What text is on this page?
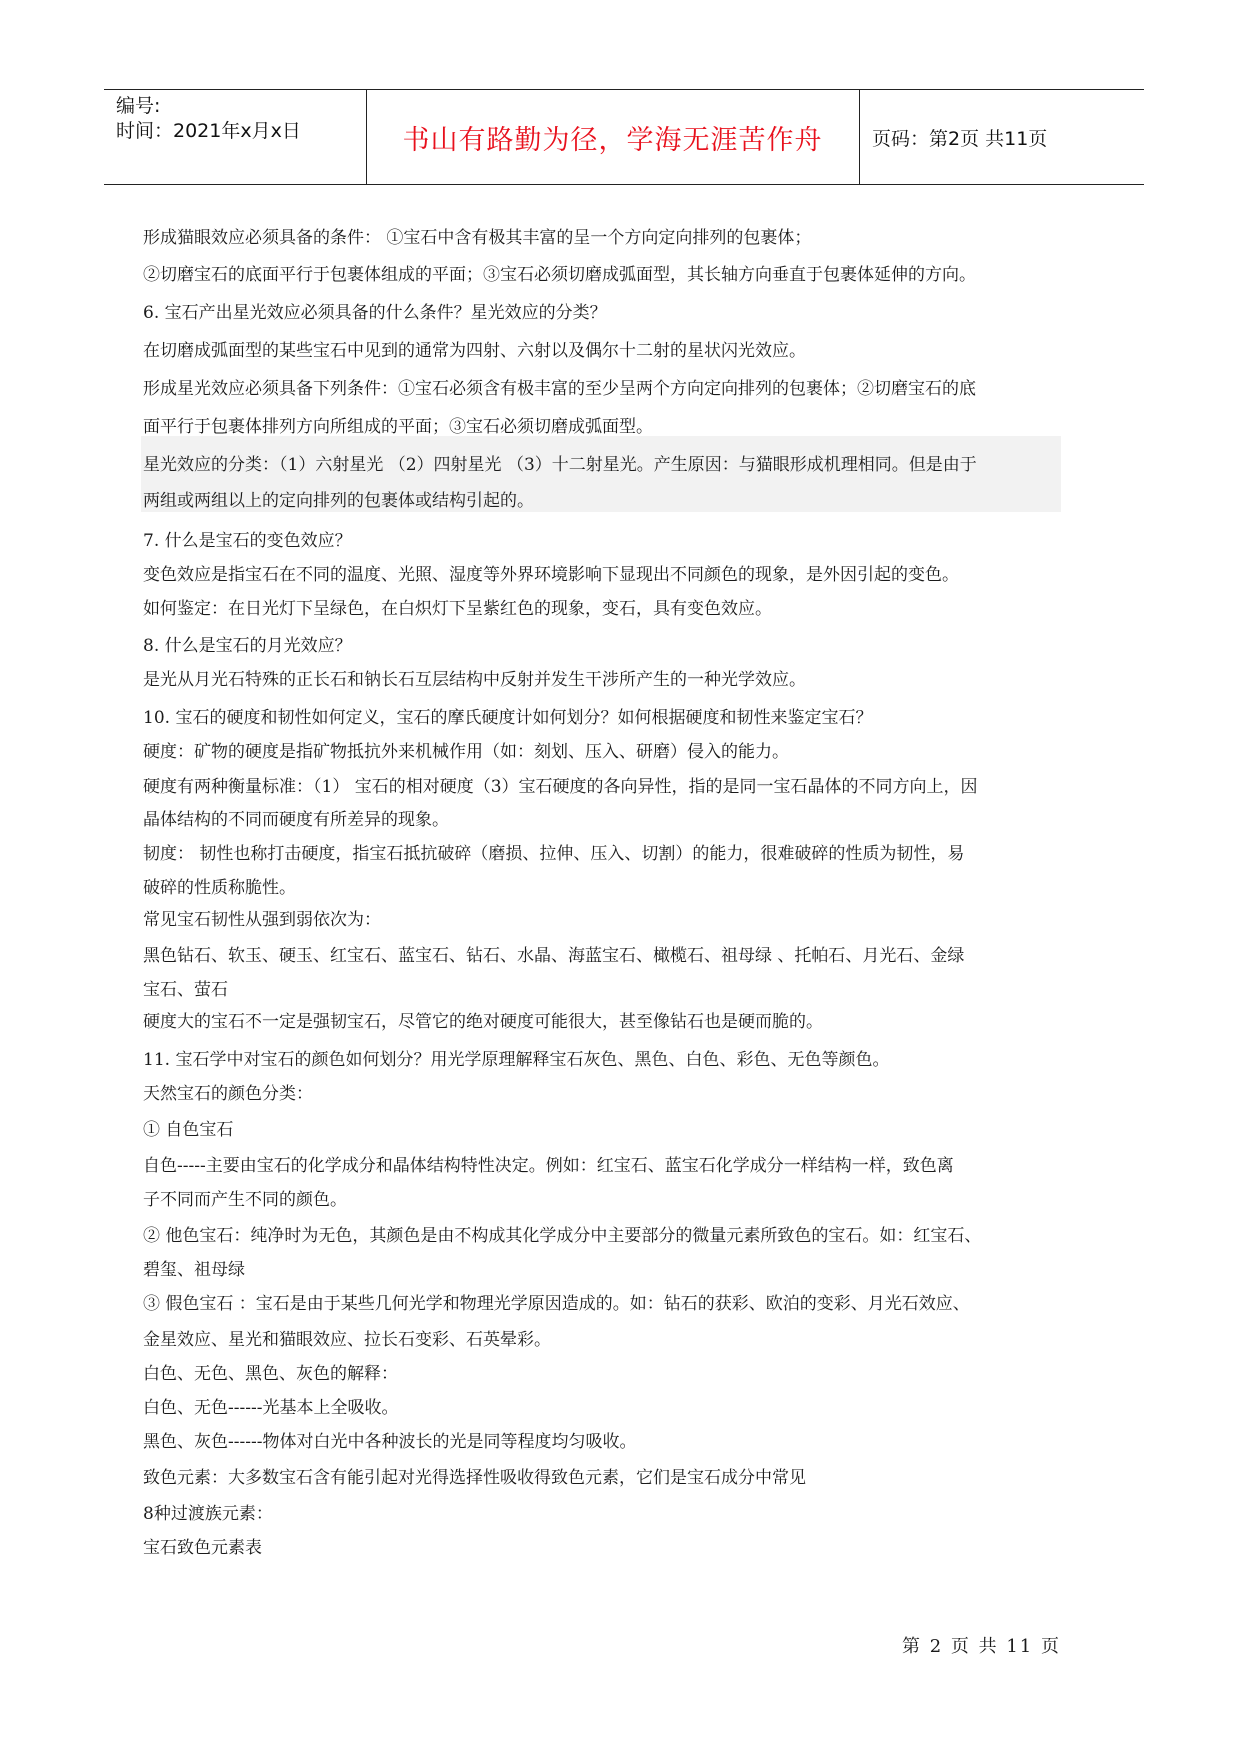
编号:
时间：2021年x月x日	书山有路勤为径，学海无涯苦作舟	页码：第2页 共11页
形成猫眼效应必须具备的条件： ①宝石中含有极其丰富的呈一个方向定向排列的包裹体；
②切磨宝石的底面平行于包裹体组成的平面；③宝石必须切磨成弧面型，其长轴方向垂直于包裹体延伸的方向。
6. 宝石产出星光效应必须具备的什么条件？星光效应的分类？
在切磨成弧面型的某些宝石中见到的通常为四射、六射以及偶尔十二射的星状闪光效应。
形成星光效应必须具备下列条件：①宝石必须含有极丰富的至少呈两个方向定向排列的包裹体；②切磨宝石的底
面平行于包裹体排列方向所组成的平面；③宝石必须切磨成弧面型。
星光效应的分类：（1）六射星光 （2）四射星光 （3）十二射星光。产生原因：与猫眼形成机理相同。但是由于
两组或两组以上的定向排列的包裹体或结构引起的。
7. 什么是宝石的变色效应？
变色效应是指宝石在不同的温度、光照、湿度等外界环境影响下显现出不同颜色的现象，是外因引起的变色。
如何鉴定：在日光灯下呈绿色，在白炽灯下呈紫红色的现象，变石，具有变色效应。
8. 什么是宝石的月光效应？
是光从月光石特殊的正长石和钠长石互层结构中反射并发生干涉所产生的一种光学效应。
10. 宝石的硬度和韧性如何定义，宝石的摩氏硬度计如何划分？如何根据硬度和韧性来鉴定宝石？
硬度：矿物的硬度是指矿物抵抗外来机械作用（如：刻划、压入、研磨）侵入的能力。
硬度有两种衡量标准：（1） 宝石的相对硬度（3）宝石硬度的各向异性，指的是同一宝石晶体的不同方向上，因
晶体结构的不同而硬度有所差异的现象。
韧度： 韧性也称打击硬度，指宝石抵抗破碎（磨损、拉伸、压入、切割）的能力，很难破碎的性质为韧性，易
破碎的性质称脆性。
常见宝石韧性从强到弱依次为：
黑色钻石、软玉、硬玉、红宝石、蓝宝石、钻石、水晶、海蓝宝石、橄榄石、祖母绿 、托帕石、月光石、金绿
宝石、萤石
硬度大的宝石不一定是强韧宝石，尽管它的绝对硬度可能很大，甚至像钻石也是硬而脆的。
11. 宝石学中对宝石的颜色如何划分？用光学原理解释宝石灰色、黑色、白色、彩色、无色等颜色。
天然宝石的颜色分类：
① 自色宝石
自色-----主要由宝石的化学成分和晶体结构特性决定。例如：红宝石、蓝宝石化学成分一样结构一样，致色离
子不同而产生不同的颜色。
② 他色宝石：纯净时为无色，其颜色是由不构成其化学成分中主要部分的微量元素所致色的宝石。如：红宝石、
碧玺、祖母绿
③ 假色宝石 ：宝石是由于某些几何光学和物理光学原因造成的。如：钻石的获彩、欧泊的变彩、月光石效应、
金星效应、星光和猫眼效应、拉长石变彩、石英晕彩。
白色、无色、黑色、灰色的解释：
白色、无色------光基本上全吸收。
黑色、灰色------物体对白光中各种波长的光是同等程度均匀吸收。
致色元素：大多数宝石含有能引起对光得选择性吸收得致色元素，它们是宝石成分中常见
8种过渡族元素：
宝石致色元素表
第 2 页 共 11 页
